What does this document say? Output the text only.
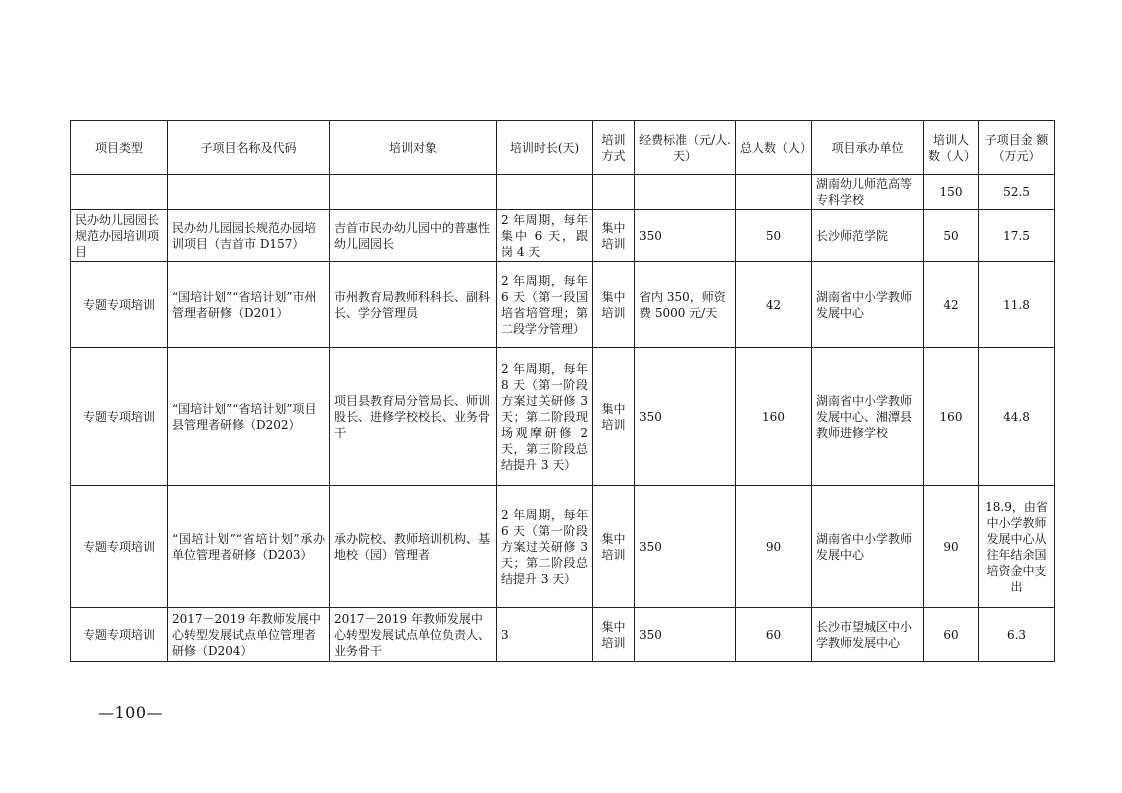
项目类型	子项目名称及代码	培训对象	培训时长(天)	培训方式	经费标准（元/人.天）	总人数（人）	项目承办单位	培训人数（人）	子项目金 额（万元）
							湖南幼儿师范高等专科学校	150	52.5
民办幼儿园园长规范办园培训项目	民办幼儿园园长规范办园培训项目（吉首市 D157）	吉首市民办幼儿园中的普惠性幼儿园园长	2 年周期，每年集中 6 天，跟岗 4 天	集中培训	350	50	长沙师范学院	50	17.5
专题专项培训	“国培计划”“省培计划”市州管理者研修（D201）	市州教育局教师科科长、副科长、学分管理员	2 年周期，每年 6 天（第一段国培省培管理；第二段学分管理）	集中培训	省内 350，师资费 5000 元/天	42	湖南省中小学教师发展中心	42	11.8
专题专项培训	“国培计划”“省培计划”项目县管理者研修（D202）	项目县教育局分管局长、师训股长、进修学校校长、业务骨干	2 年周期，每年 8 天（第一阶段方案过关研修 3 天；第二阶段现场观摩研修 2 天，第三阶段总结提升 3 天）	集中培训	350	160	湖南省中小学教师发展中心、湘潭县教师进修学校	160	44.8
专题专项培训	“国培计划”“省培计划”承办单位管理者研修（D203）	承办院校、教师培训机构、基地校（园）管理者	2 年周期，每年 6 天（第一阶段方案过关研修 3 天；第二阶段总结提升 3 天）	集中培训	350	90	湖南省中小学教师发展中心	90	18.9，由省中小学教师发展中心从往年结余国培资金中支出
专题专项培训	2017－2019 年教师发展中心转型发展试点单位管理者研修（D204）	2017－2019 年教师发展中心转型发展试点单位负责人、业务骨干	3	集中培训	350	60	长沙市望城区中小学教师发展中心	60	6.3
—100—
